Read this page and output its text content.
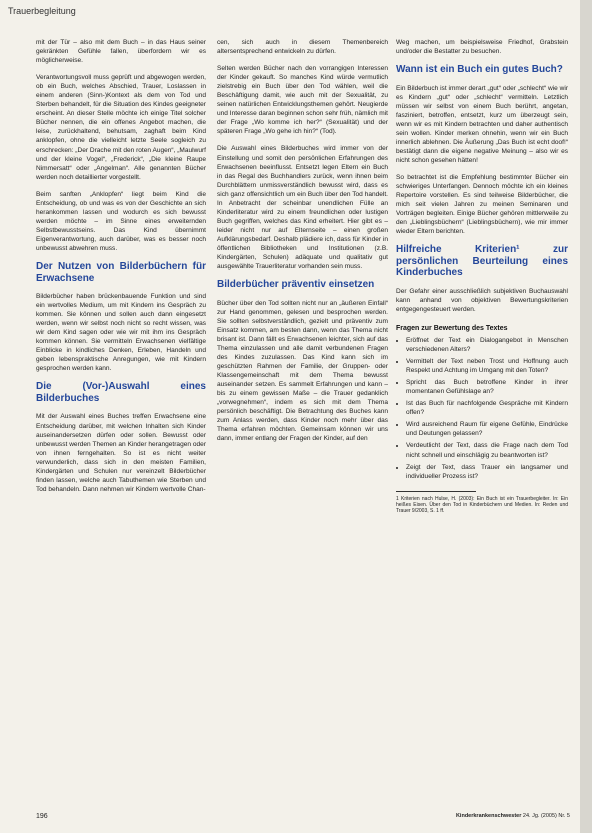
Trauerbegleitung

mit der Tür – also mit dem Buch – in das Haus seiner gekränkten Gefühle fallen, überfordern wir es möglicherweise.

Verantwortungsvoll muss geprüft und abgewogen werden, ob ein Buch, welches Abschied, Trauer, Loslassen in einem anderen (Sinn-)Kontext als dem von Tod und Sterben behandelt, für die Situation des Kindes geeigneter erscheint. An dieser Stelle möchte ich einige Titel solcher Bücher nennen, die ein offenes Angebot machen, die leise, zurückhaltend, behutsam, zaghaft beim Kind anklopfen, ohne die vielleicht letzte Seele sogleich zu erschrecken: „Der Drache mit den roten Augen“, „Maulwurf und der kleine Vogel“, „Frederick“, „Die kleine Raupe Nimmersatt“ oder „Angelman“. Alle genannten Bücher werden noch detaillierter vorgestellt.

Beim sanften „Anklopfen“ liegt beim Kind die Entscheidung, ob und was es von der Geschichte an sich herankommen lassen und wodurch es sich bewusst werden möchte – im Sinne eines erweiternden Selbstbewusstseins. Das Kind übernimmt Eigenverantwortung, auch darüber, was es besser noch unbewusst abwehren muss.

Der Nutzen von Bilderbüchern für Erwachsene

Bilderbücher haben brückenbauende Funktion und sind ein wertvolles Medium, um mit Kindern ins Gespräch zu kommen. Sie können und sollen auch dann eingesetzt werden, wenn wir selbst noch nicht so recht wissen, was wir dem Kind sagen oder wie wir mit ihm ins Gespräch kommen können. Sie vermitteln Erwachsenen vielfältige Einblicke in kindliches Denken, Erleben, Handeln und geben lebenspraktische Anregungen, wie mit Kindern gesprochen werden kann.

Die (Vor-)Auswahl eines Bilderbuches

Mit der Auswahl eines Buches treffen Erwachsene eine Entscheidung darüber, mit welchen Inhalten sich Kinder auseinandersetzen dürfen oder sollen. Bewusst oder unbewusst werden Themen an Kinder herangetragen oder von ihnen ferngehalten. So ist es nicht weiter verwunderlich, dass sich in den meisten Familien, Kindergärten und Schulen nur vereinzelt Bilderbücher finden lassen, welche auch Tabuthemen wie Sterben und Tod behandeln. Dann nehmen wir Kindern wertvolle Chan-

cen, sich auch in diesem Themenbereich altersentsprechend entwickeln zu dürfen.

Selten werden Bücher nach den vorrangigen Interessen der Kinder gekauft. So manches Kind würde vermutlich zielstrebig ein Buch über den Tod wählen, weil die Beschäftigung damit, wie auch mit der Sexualität, zu seinen natürlichen Entwicklungsthemen gehört. Neugierde und Interesse daran beginnen schon sehr früh, nämlich mit der Frage „Wo komme ich her?“ (Sexualität) und der späteren Frage „Wo gehe ich hin?“ (Tod).

Die Auswahl eines Bilderbuches wird immer von der Einstellung und somit den persönlichen Erfahrungen des Erwachsenen beeinflusst. Entsetzt legen Eltern ein Buch in das Regal des Buchhandlers zurück, wenn ihnen beim Durchblättern unmissverständlich bewusst wird, dass es sich ganz offensichtlich um ein Buch über den Tod handelt. In Anbetracht der scheinbar unendlichen Fülle an Kinderliteratur wird zu einem freundlichen oder lustigen Buch gegriffen, welches das Kind erheitert. Hier gibt es – leider nicht nur auf Elternseite – einen großen Aufklärungsbedarf. Deshalb plädiere ich, dass für Kinder in öffentlichen Bibliotheken und Institutionen (z.B. Kindergärten, Schulen) adäquate und qualitativ gut ausgewählte Trauerliteratur vorhanden sein muss.

Bilderbücher präventiv einsetzen

Bücher über den Tod sollten nicht nur an „äußeren Einfall“ zur Hand genommen, gelesen und besprochen werden. Sie sollten selbstverständlich, gezielt und präventiv zum Einsatz kommen, am besten dann, wenn das Thema nicht brisant ist. Dann fällt es Erwachsenen leichter, sich auf das Thema einzulassen und alle damit verbundenen Fragen des Kindes zuzulassen. Das Kind kann sich im geschützten Rahmen der Familie, der Gruppen- oder Klassengemeinschaft mit dem Thema bewusst auseinander setzen. Es sammelt Erfahrungen und kann – bis zu einem gewissen Maße – die Trauer gedanklich „vorwegnehmen“, indem es sich mit dem Thema persönlich beschäftigt. Die Betrachtung des Buches kann zum Anlass werden, dass Kinder noch mehr über das Thema erfahren möchten. Gemeinsam können wir uns dann, immer entlang der Fragen der Kinder, auf den

Weg machen, um beispielsweise Friedhof, Grabstein und/oder die Bestatter zu besuchen.

Wann ist ein Buch ein gutes Buch?

Ein Bilderbuch ist immer derart „gut“ oder „schlecht“ wie wir es Kindern „gut“ oder „schlecht“ vermitteln. Letztlich müssen wir selbst von einem Buch berührt, angetan, fasziniert, betroffen, entsetzt, kurz um überzeugt sein, wenn wir es mit Kindern betrachten und daher authentisch sein wollen. Kinder merken ohnehin, wenn wir ein Buch innerlich ablehnen. Die Äußerung „Das Buch ist echt doof!“ bestätigt dann die eigene negative Meinung – also wir es nicht schon gesehen hätten!

So betrachtet ist die Empfehlung bestimmter Bücher ein schwieriges Unterfangen. Dennoch möchte ich ein kleines Repertoire vorstellen. Es sind teilweise Bilderbücher, die mich seit vielen Jahren zu meinen Seminaren und Vorträgen begleiten. Einige Bücher gehören mittlerweile zu den „Lieblingsbüchern“ (Lieblingsbüchern), wie mir immer wieder Eltern berichten.

Hilfreiche Kriterien¹ zur persönlichen Beurteilung eines Kinderbuches

Der Gefahr einer ausschließlich subjektiven Buchauswahl kann anhand von objektiven Bewertungskriterien entgegengesteuert werden.

Fragen zur Bewertung des Textes
• Eröffnet der Text ein Dialogangebot in Menschen verschiedenen Alters?
• Vermittelt der Text neben Trost und Hoffnung auch Respekt und Achtung im Umgang mit den Toten?
• Spricht das Buch betroffene Kinder in ihrer momentanen Gefühlslage an?
• Ist das Buch für nachfolgende Gespräche mit Kindern offen?
• Wird ausreichend Raum für eigene Gefühle, Eindrücke und Deutungen gelassen?
• Verdeutlicht der Text, dass die Frage nach dem Tod nicht schnell und einschlägig zu beantworten ist?
• Zeigt der Text, dass Trauer ein langsamer und individueller Prozess ist?
1 Kriterien nach Hulse, H. (2003): Ein Buch ist ein Trauerbegleiter. In: Ein heißes Eisen. Über den Tod in Kinderbüchern und Medien. In: Reden und Trauer 9/2003, S. 1 ff.
196	Kinderkrankenschwester 24. Jg. (2005) Nr. 5
